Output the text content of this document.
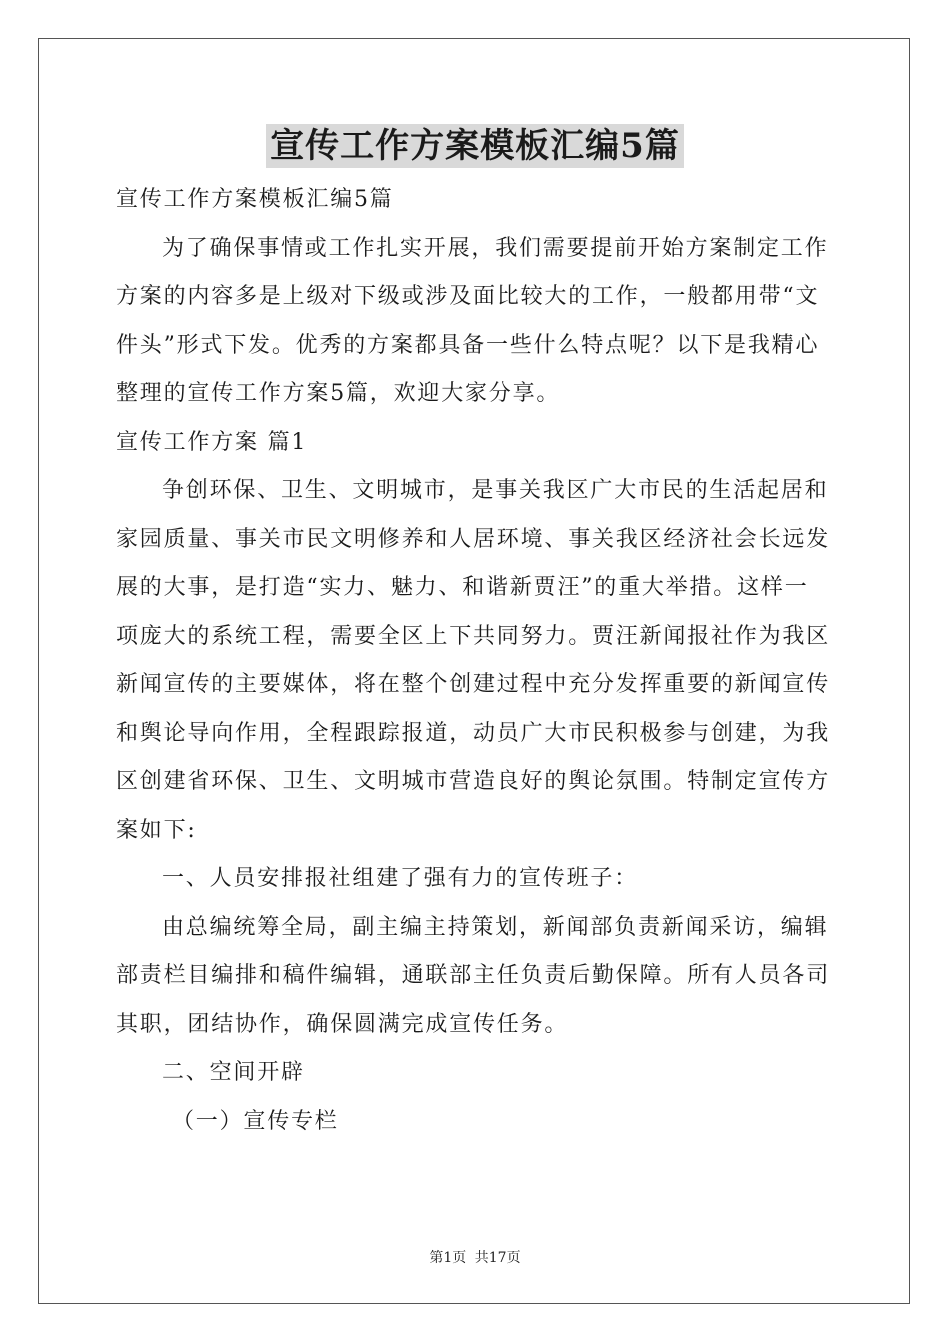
宣传工作方案模板汇编5篇

宣传工作方案模板汇编5篇

为了确保事情或工作扎实开展，我们需要提前开始方案制定工作

方案的内容多是上级对下级或涉及面比较大的工作，一般都用带“文

件头”形式下发。优秀的方案都具备一些什么特点呢？以下是我精心

整理的宣传工作方案5篇，欢迎大家分享。

宣传工作方案 篇1

争创环保、卫生、文明城市，是事关我区广大市民的生活起居和

家园质量、事关市民文明修养和人居环境、事关我区经济社会长远发

展的大事，是打造“实力、魅力、和谐新贾汪”的重大举措。这样一

项庞大的系统工程，需要全区上下共同努力。贾汪新闻报社作为我区

新闻宣传的主要媒体，将在整个创建过程中充分发挥重要的新闻宣传

和舆论导向作用，全程跟踪报道，动员广大市民积极参与创建，为我

区创建省环保、卫生、文明城市营造良好的舆论氛围。特制定宣传方

案如下:

一、人员安排报社组建了强有力的宣传班子：

由总编统筹全局，副主编主持策划，新闻部负责新闻采访，编辑

部责栏目编排和稿件编辑，通联部主任负责后勤保障。所有人员各司

其职，团结协作，确保圆满完成宣传任务。

二、空间开辟

（一）宣传专栏

第1页 共17页
